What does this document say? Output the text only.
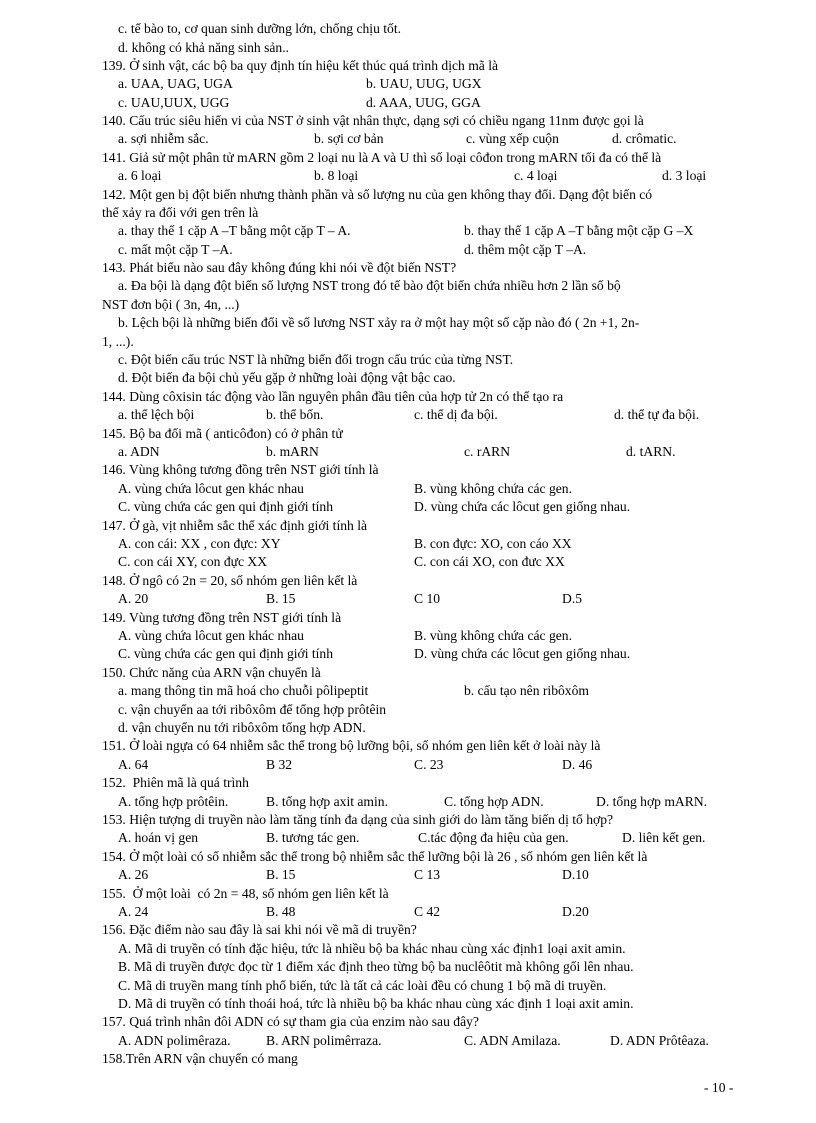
c. tế bào to, cơ quan sinh dưỡng lớn, chống chịu tốt.
d. không có khả năng sinh sản..
139. Ở sinh vật, các bộ ba quy định tín hiệu kết thúc quá trình dịch mã là
a. UAA, UAG, UGA	b. UAU, UUG, UGX
c. UAU,UUX, UGG	d. AAA, UUG, GGA
140. Cấu trúc siêu hiển vi của NST ở sinh vật nhân thực, dạng sợi có chiều ngang 11nm được gọi là
a. sợi nhiễm sắc.	b. sợi cơ bản	c. vùng xếp cuộn	d. crômatic.
141. Giả sử một phân tử mARN gồm 2 loại nu là A và U thì số loại côđon trong mARN tối đa có thể là
a. 6 loại	b. 8 loại	c. 4 loại	d. 3 loại
142. Một gen bị đột biến nhưng thành phần và số lượng nu của gen không thay đổi. Dạng đột biến có
thể xảy ra đối với gen trên là
a. thay thế 1 cặp A –T bằng một cặp T – A.	b. thay thế 1 cặp A –T bằng một cặp G –X
c. mất một cặp T –A.	d. thêm một cặp T –A.
143. Phát biểu nào sau đây không đúng khi nói về đột biến NST?
a. Đa bội là dạng đột biến số lượng NST trong đó tế bào đột biến chứa nhiều hơn 2 lần số bộ
NST đơn bội ( 3n, 4n, ...)
b. Lệch bội là những biến đổi về số lương NST xảy ra ở một hay một số cặp nào đó ( 2n +1, 2n-
1, ...).
c. Đột biến cấu trúc NST là những biến đổi trogn cấu trúc của từng NST.
d. Đột biến đa bội chủ yếu gặp ở những loài động vật bậc cao.
144. Dùng côxisin tác động vào lần nguyên phân đầu tiên của hợp tử 2n có thể tạo ra
a. thể lệch bội	b. thể bốn.	c. thể dị đa bội.	d. thể tự đa bội.
145. Bộ ba đối mã ( anticôđon) có ở phân tử
a. ADN	b. mARN	c. rARN	d. tARN.
146. Vùng không tương đồng trên NST giới tính là
A. vùng chứa lôcut gen khác nhau	B. vùng không chứa các gen.
C. vùng chứa các gen qui định giới tính	D. vùng chứa các lôcut gen giống nhau.
147. Ở gà, vịt nhiễm sắc thể xác định giới tính là
A. con cái: XX , con đực: XY	B. con đực: XO, con cáo XX
C. con cái XY, con đực XX	C. con cái XO, con đưc XX
148. Ở ngô có 2n = 20, số nhóm gen liên kết là
A. 20	B. 15	C 10	D.5
149. Vùng tương đồng trên NST giới tính là
A. vùng chứa lôcut gen khác nhau	B. vùng không chứa các gen.
C. vùng chứa các gen qui định giới tính	D. vùng chứa các lôcut gen giống nhau.
150. Chức năng của ARN vận chuyển là
a. mang thông tin mã hoá cho chuỗi pôlipeptit	b. cấu tạo nên ribôxôm
c. vận chuyển aa tới ribôxôm để tổng hợp prôtêin
d. vận chuyển nu tới ribôxôm tổng hợp ADN.
151. Ở loài ngựa có 64 nhiễm sắc thể trong bộ lưỡng bội, số nhóm gen liên kết ở loài này là
A. 64	B 32	C. 23	D. 46
152.  Phiên mã là quá trình
A. tổng hợp prôtêin.	B. tổng hợp axit amin.	C. tổng hợp ADN.	D. tổng hợp mARN.
153. Hiện tượng di truyền nào làm tăng tính đa dạng của sinh giới do làm tăng biến dị tổ hợp?
A. hoán vị gen	B. tương tác gen.	C.tác động đa hiệu của gen.	D. liên kết gen.
154. Ở một loài có số nhiễm sắc thể trong bộ nhiễm sắc thể lưỡng bội là 26 , số nhóm gen liên kết là
A. 26	B. 15	C 13	D.10
155.  Ở một loài  có 2n = 48, số nhóm gen liên kết là
A. 24	B. 48	C 42	D.20
156. Đặc điểm nào sau đây là sai khi nói về mã di truyền?
A. Mã di truyền có tính đặc hiệu, tức là nhiều bộ ba khác nhau cùng xác định1 loại axit amin.
B. Mã di truyền được đọc từ 1 điểm xác định theo từng bộ ba nuclêôtit mà không gối lên nhau.
C. Mã di truyền mang tính phổ biến, tức là tất cả các loài đều có chung 1 bộ mã di truyền.
D. Mã di truyền có tính thoái hoá, tức là nhiều bộ ba khác nhau cùng xác định 1 loại axit amin.
157. Quá trình nhân đôi ADN có sự tham gia của enzim nào sau đây?
A. ADN polimêraza.	B. ARN polimêrraza.	C. ADN Amilaza.	D. ADN Prôtêaza.
158.Trên ARN vận chuyển có mang
- 10 -
